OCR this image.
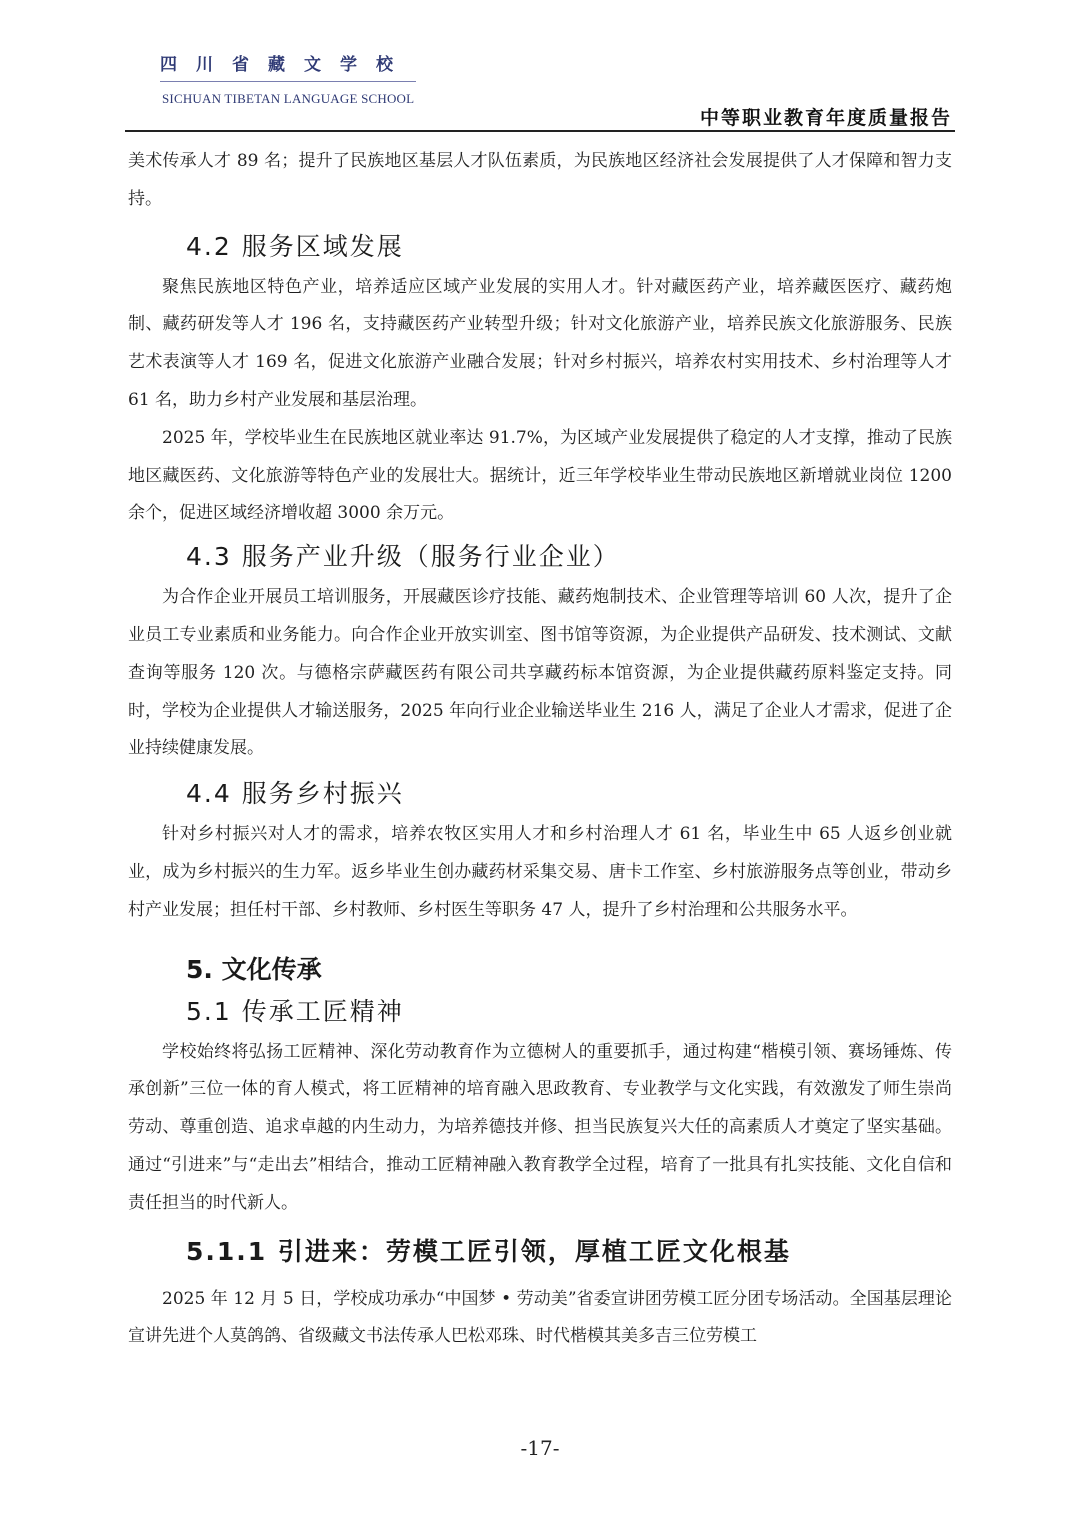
四川省藏文学校
SICHUAN TIBETAN LANGUAGE SCHOOL
中等职业教育年度质量报告

美术传承人才 89 名；提升了民族地区基层人才队伍素质，为民族地区经济社会发展提供了人才保障和智力支持。

4.2 服务区域发展

聚焦民族地区特色产业，培养适应区域产业发展的实用人才。针对藏医药产业，培养藏医医疗、藏药炮制、藏药研发等人才 196 名，支持藏医药产业转型升级；针对文化旅游产业，培养民族文化旅游服务、民族艺术表演等人才 169 名，促进文化旅游产业融合发展；针对乡村振兴，培养农村实用技术、乡村治理等人才 61 名，助力乡村产业发展和基层治理。

2025 年，学校毕业生在民族地区就业率达 91.7%，为区域产业发展提供了稳定的人才支撑，推动了民族地区藏医药、文化旅游等特色产业的发展壮大。据统计，近三年学校毕业生带动民族地区新增就业岗位 1200 余个，促进区域经济增收超 3000 余万元。

4.3 服务产业升级（服务行业企业）

为合作企业开展员工培训服务，开展藏医诊疗技能、藏药炮制技术、企业管理等培训 60 人次，提升了企业员工专业素质和业务能力。向合作企业开放实训室、图书馆等资源，为企业提供产品研发、技术测试、文献查询等服务 120 次。与德格宗萨藏医药有限公司共享藏药标本馆资源，为企业提供藏药原料鉴定支持。同时，学校为企业提供人才输送服务，2025 年向行业企业输送毕业生 216 人，满足了企业人才需求，促进了企业持续健康发展。

4.4 服务乡村振兴

针对乡村振兴对人才的需求，培养农牧区实用人才和乡村治理人才 61 名，毕业生中 65 人返乡创业就业，成为乡村振兴的生力军。返乡毕业生创办藏药材采集交易、唐卡工作室、乡村旅游服务点等创业，带动乡村产业发展；担任村干部、乡村教师、乡村医生等职务 47 人，提升了乡村治理和公共服务水平。

5. 文化传承
5.1 传承工匠精神

学校始终将弘扬工匠精神、深化劳动教育作为立德树人的重要抓手，通过构建“楷模引领、赛场锤炼、传承创新”三位一体的育人模式，将工匠精神的培育融入思政教育、专业教学与文化实践，有效激发了师生崇尚劳动、尊重创造、追求卓越的内生动力，为培养德技并修、担当民族复兴大任的高素质人才奠定了坚实基础。通过“引进来”与“走出去”相结合，推动工匠精神融入教育教学全过程，培育了一批具有扎实技能、文化自信和责任担当的时代新人。

5.1.1 引进来：劳模工匠引领，厚植工匠文化根基

2025 年 12 月 5 日，学校成功承办“中国梦 • 劳动美”省委宣讲团劳模工匠分团专场活动。全国基层理论宣讲先进个人莫鸽鸽、省级藏文书法传承人巴松邓珠、时代楷模其美多吉三位劳模工

-17-
